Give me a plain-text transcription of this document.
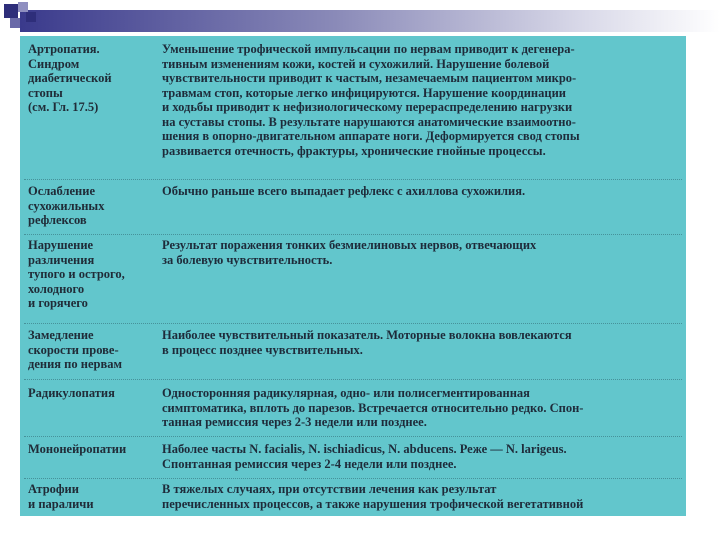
Артропатия.
Синдром
диабетической
стопы
(см. Гл. 17.5)
Уменьшение трофической импульсации по нервам приводит к дегенера-
тивным изменениям кожи, костей и сухожилий. Нарушение болевой
чувствительности приводит к частым, незамечаемым пациентом микро-
травмам стоп, которые легко инфицируются. Нарушение координации
и ходьбы приводит к нефизиологическому перераспределению нагрузки
на суставы стопы. В результате нарушаются анатомические взаимоотно-
шения в опорно-двигательном аппарате ноги. Деформируется свод стопы
развивается отечность, фрактуры, хронические гнойные процессы.
Ослабление
сухожильных
рефлексов
Обычно раньше всего выпадает рефлекс с ахиллова сухожилия.
Нарушение
различения
тупого и острого,
холодного
и горячего
Результат поражения тонких безмиелиновых нервов, отвечающих
за болевую чувствительность.
Замедление
скорости прове-
дения по нервам
Наиболее чувствительный показатель. Моторные волокна вовлекаются
в процесс позднее чувствительных.
Радикулопатия	Односторонняя радикулярная, одно- или полисегментированная
симптоматика, вплоть до парезов. Встречается относительно редко. Спон-
танная ремиссия через 2-3 недели или позднее.
Мононейропатии	Наболее часты N. facialis, N. ischiadicus, N. abducens. Реже — N. larigeus.
Спонтанная ремиссия через 2-4 недели или позднее.
Атрофии
и параличи
В тяжелых случаях, при отсутствии лечения как результат
перечисленных процессов, а также нарушения трофической вегетативной
